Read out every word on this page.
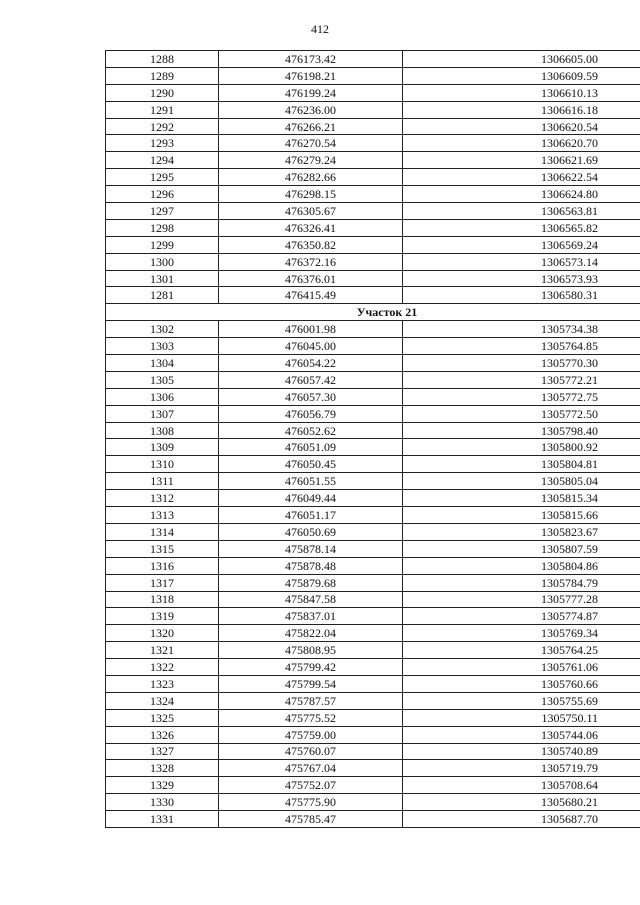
412
1288	476173.42	1306605.00
1289	476198.21	1306609.59
1290	476199.24	1306610.13
1291	476236.00	1306616.18
1292	476266.21	1306620.54
1293	476270.54	1306620.70
1294	476279.24	1306621.69
1295	476282.66	1306622.54
1296	476298.15	1306624.80
1297	476305.67	1306563.81
1298	476326.41	1306565.82
1299	476350.82	1306569.24
1300	476372.16	1306573.14
1301	476376.01	1306573.93
1281	476415.49	1306580.31
Участок 21		
1302	476001.98	1305734.38
1303	476045.00	1305764.85
1304	476054.22	1305770.30
1305	476057.42	1305772.21
1306	476057.30	1305772.75
1307	476056.79	1305772.50
1308	476052.62	1305798.40
1309	476051.09	1305800.92
1310	476050.45	1305804.81
1311	476051.55	1305805.04
1312	476049.44	1305815.34
1313	476051.17	1305815.66
1314	476050.69	1305823.67
1315	475878.14	1305807.59
1316	475878.48	1305804.86
1317	475879.68	1305784.79
1318	475847.58	1305777.28
1319	475837.01	1305774.87
1320	475822.04	1305769.34
1321	475808.95	1305764.25
1322	475799.42	1305761.06
1323	475799.54	1305760.66
1324	475787.57	1305755.69
1325	475775.52	1305750.11
1326	475759.00	1305744.06
1327	475760.07	1305740.89
1328	475767.04	1305719.79
1329	475752.07	1305708.64
1330	475775.90	1305680.21
1331	475785.47	1305687.70
